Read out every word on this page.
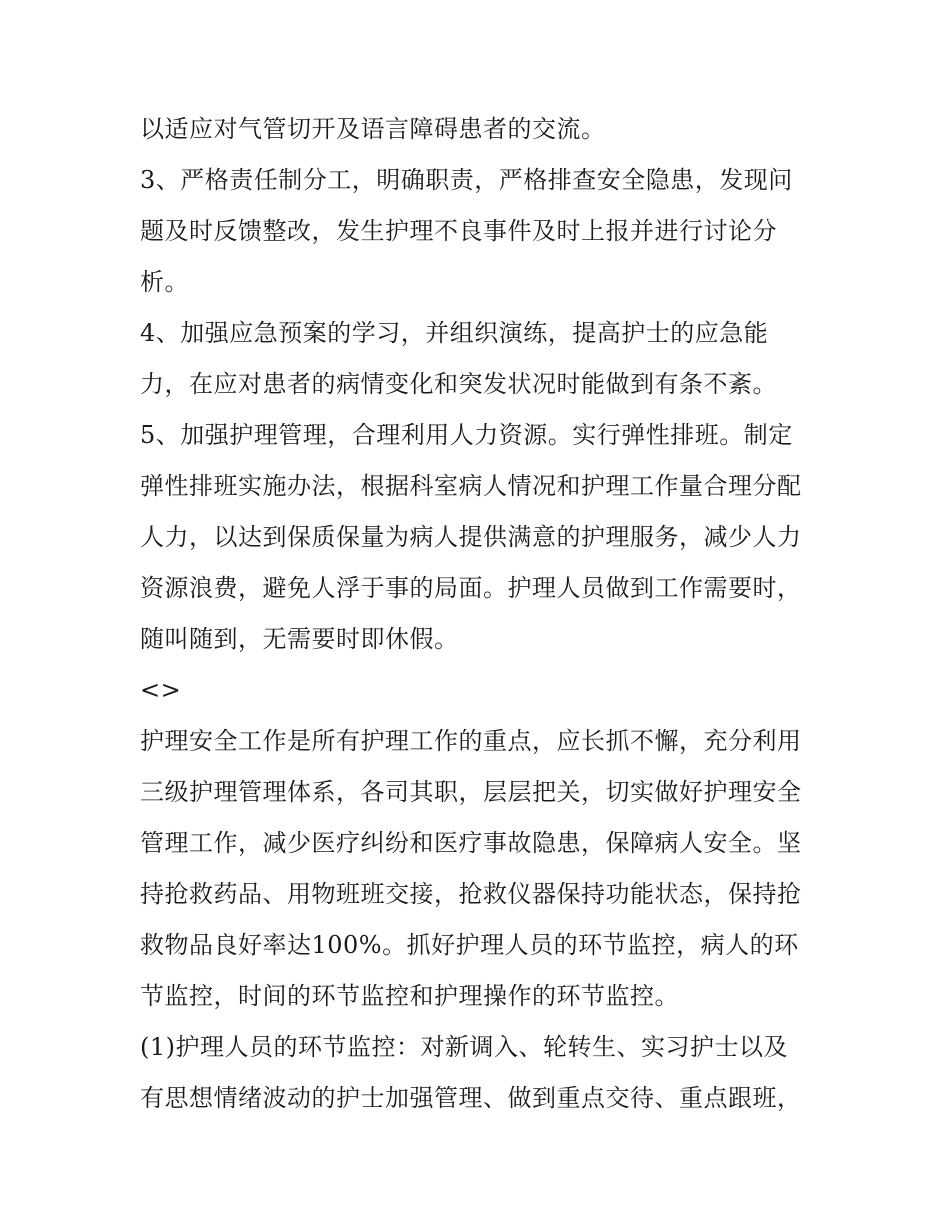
以适应对气管切开及语言障碍患者的交流。
3、严格责任制分工，明确职责，严格排查安全隐患，发现问
题及时反馈整改，发生护理不良事件及时上报并进行讨论分
析。
4、加强应急预案的学习，并组织演练，提高护士的应急能
力，在应对患者的病情变化和突发状况时能做到有条不紊。
5、加强护理管理，合理利用人力资源。实行弹性排班。制定
弹性排班实施办法，根据科室病人情况和护理工作量合理分配
人力，以达到保质保量为病人提供满意的护理服务，减少人力
资源浪费，避免人浮于事的局面。护理人员做到工作需要时，
随叫随到，无需要时即休假。
<>
护理安全工作是所有护理工作的重点，应长抓不懈，充分利用
三级护理管理体系，各司其职，层层把关，切实做好护理安全
管理工作，减少医疗纠纷和医疗事故隐患，保障病人安全。坚
持抢救药品、用物班班交接，抢救仪器保持功能状态，保持抢
救物品良好率达100%。抓好护理人员的环节监控，病人的环
节监控，时间的环节监控和护理操作的环节监控。
(1)护理人员的环节监控：对新调入、轮转生、实习护士以及
有思想情绪波动的护士加强管理、做到重点交待、重点跟班，
